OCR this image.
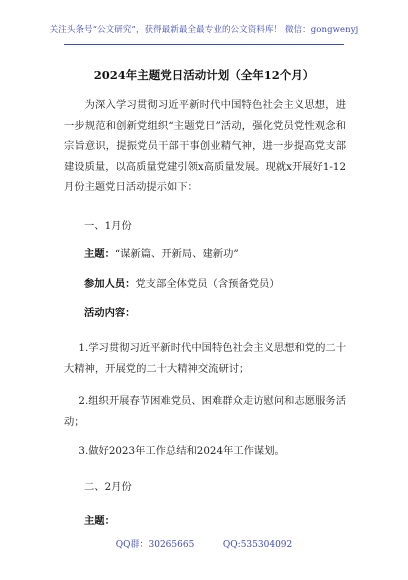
关注头条号“公文研究”，获得最新最全最专业的公文资料库！ 微信：gongwenyj
2024年主题党日活动计划（全年12个月）
为深入学习贯彻习近平新时代中国特色社会主义思想，进一步规范和创新党组织“主题党日”活动，强化党员党性观念和宗旨意识，提振党员干部干事创业精气神，进一步提高党支部建设质量，以高质量党建引领x高质量发展。现就x开展好1-12月份主题党日活动提示如下：
一、1月份
主题：“谋新篇、开新局、建新功”
参加人员：党支部全体党员（含预备党员）
活动内容：
1.学习贯彻习近平新时代中国特色社会主义思想和党的二十大精神，开展党的二十大精神交流研讨；
2.组织开展春节困难党员、困难群众走访慰问和志愿服务活动；
3.做好2023年工作总结和2024年工作谋划。
二、2月份
主题：
QQ群：30265665	QQ:535304092
